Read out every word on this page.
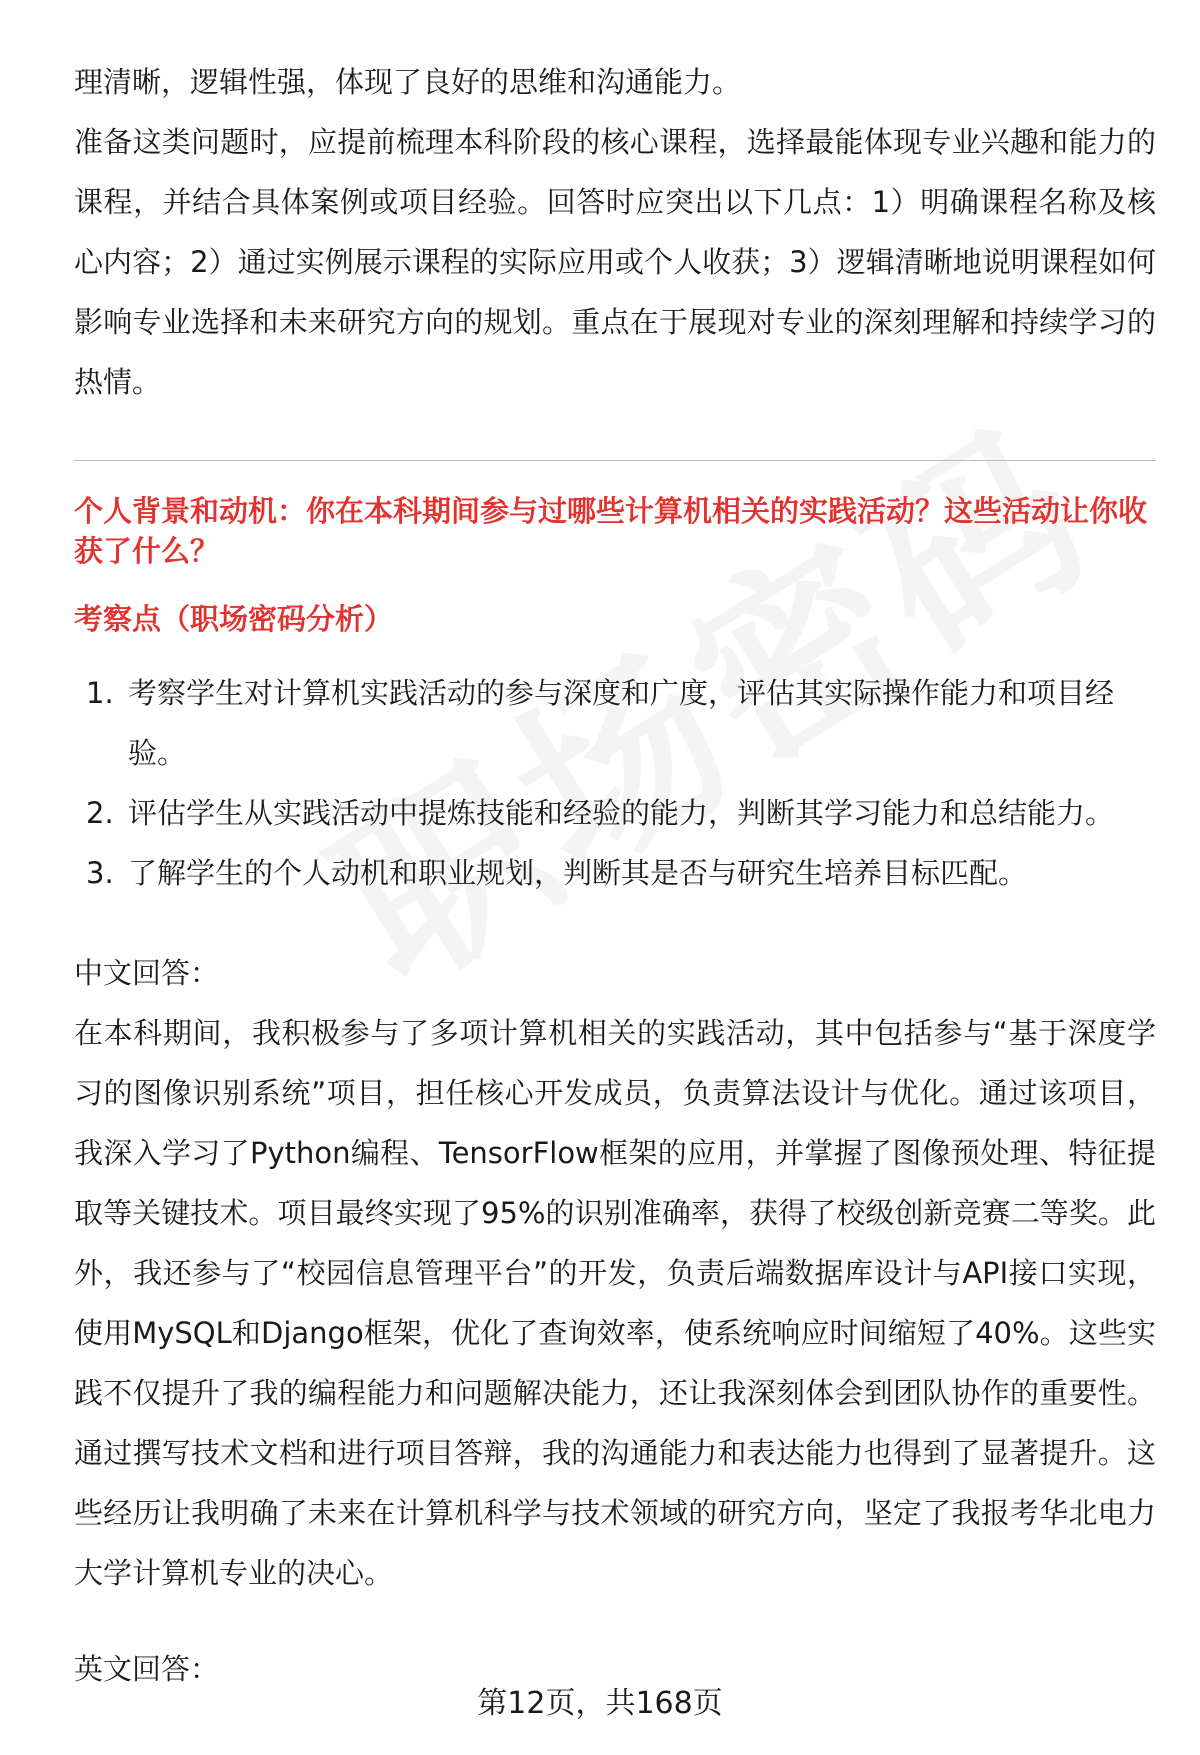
理清晰，逻辑性强，体现了良好的思维和沟通能力。

准备这类问题时，应提前梳理本科阶段的核心课程，选择最能体现专业兴趣和能力的课程，并结合具体案例或项目经验。回答时应突出以下几点：1）明确课程名称及核心内容；2）通过实例展示课程的实际应用或个人收获；3）逻辑清晰地说明课程如何影响专业选择和未来研究方向的规划。重点在于展现对专业的深刻理解和持续学习的热情。

个人背景和动机：你在本科期间参与过哪些计算机相关的实践活动？这些活动让你收获了什么？
考察点（职场密码分析）
1. 考察学生对计算机实践活动的参与深度和广度，评估其实际操作能力和项目经验。
2. 评估学生从实践活动中提炼技能和经验的能力，判断其学习能力和总结能力。
3. 了解学生的个人动机和职业规划，判断其是否与研究生培养目标匹配。
中文回答：

在本科期间，我积极参与了多项计算机相关的实践活动，其中包括参与“基于深度学习的图像识别系统”项目，担任核心开发成员，负责算法设计与优化。通过该项目，我深入学习了Python编程、TensorFlow框架的应用，并掌握了图像预处理、特征提取等关键技术。项目最终实现了95%的识别准确率，获得了校级创新竞赛二等奖。此外，我还参与了“校园信息管理平台”的开发，负责后端数据库设计与API接口实现，使用MySQL和Django框架，优化了查询效率，使系统响应时间缩短了40%。这些实践不仅提升了我的编程能力和问题解决能力，还让我深刻体会到团队协作的重要性。通过撰写技术文档和进行项目答辩，我的沟通能力和表达能力也得到了显著提升。这些经历让我明确了未来在计算机科学与技术领域的研究方向，坚定了我报考华北电力大学计算机专业的决心。

英文回答：
第12页，共168页
